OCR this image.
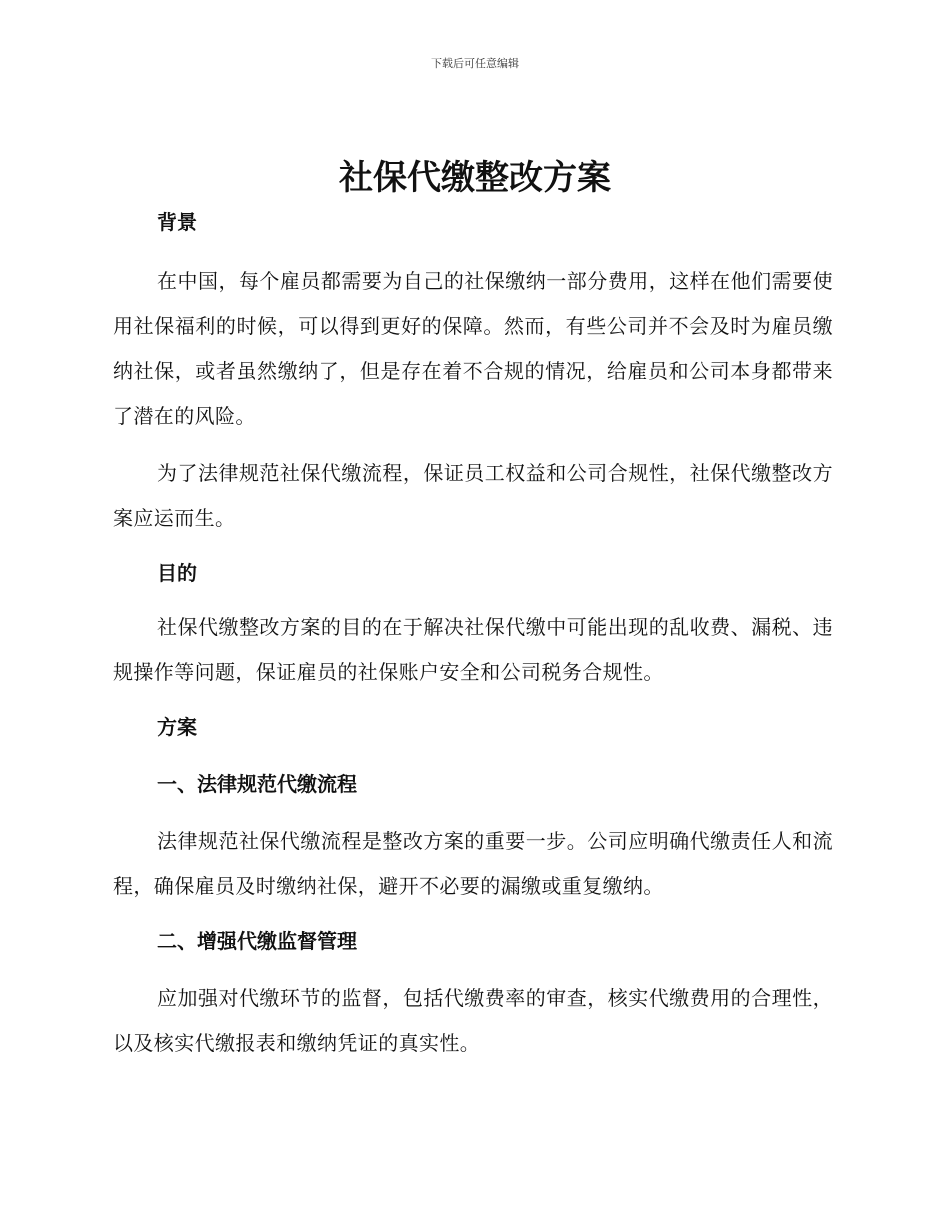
下载后可任意编辑
社保代缴整改方案
背景

在中国，每个雇员都需要为自己的社保缴纳一部分费用，这样在他们需要使用社保福利的时候，可以得到更好的保障。然而，有些公司并不会及时为雇员缴纳社保，或者虽然缴纳了，但是存在着不合规的情况，给雇员和公司本身都带来了潜在的风险。

为了法律规范社保代缴流程，保证员工权益和公司合规性，社保代缴整改方案应运而生。

目的

社保代缴整改方案的目的在于解决社保代缴中可能出现的乱收费、漏税、违规操作等问题，保证雇员的社保账户安全和公司税务合规性。

方案
一、法律规范代缴流程

法律规范社保代缴流程是整改方案的重要一步。公司应明确代缴责任人和流程，确保雇员及时缴纳社保，避开不必要的漏缴或重复缴纳。

二、增强代缴监督管理

应加强对代缴环节的监督，包括代缴费率的审查，核实代缴费用的合理性，以及核实代缴报表和缴纳凭证的真实性。
